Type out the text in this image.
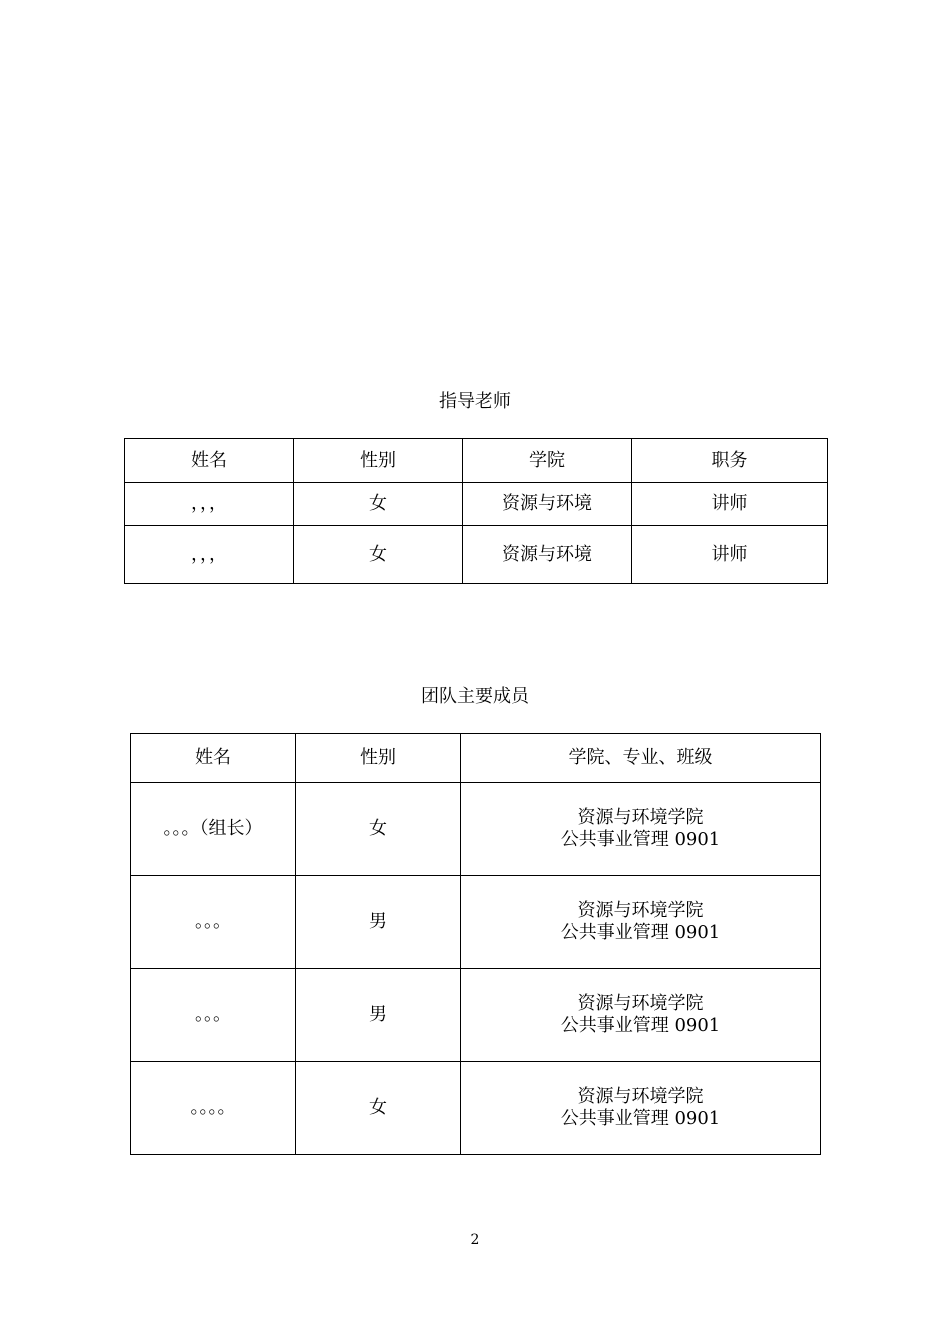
指导老师
姓名	性别	学院	职务
，，，	女	资源与环境	讲师
，，，	女	资源与环境	讲师
团队主要成员
姓名	性别	学院、专业、班级
。。。（组长）	女	资源与环境学院
公共事业管理 0901

。。。	男	资源与环境学院
公共事业管理 0901

。。。	男	资源与环境学院
公共事业管理 0901

。。。。	女	资源与环境学院
公共事业管理 0901
2
